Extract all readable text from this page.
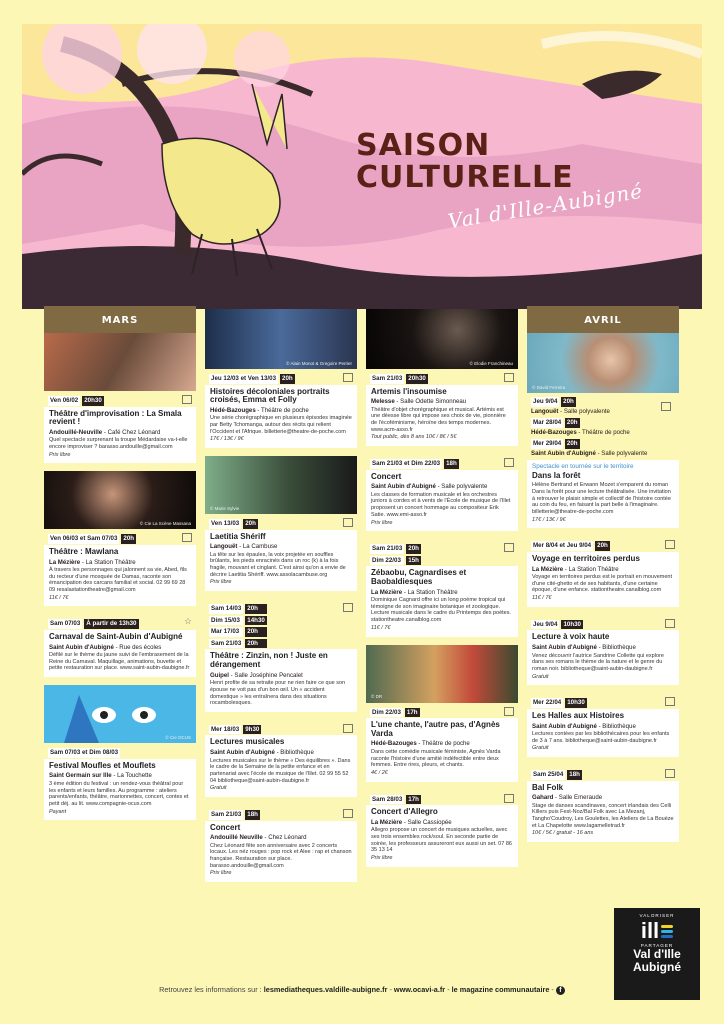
SAISON
CULTURELLE
Val d'Ille-Aubigné
MARS	AVRIL
Ven 06/02 20h30
Théâtre d'improvisation : La Smala revient !
Andouillé-Neuville - Café Chez Léonard
Quel spectacle surprenant la troupe Médardaise va-t-elle encore improviser ? barasso.andouille@gmail.com
Prix libre
© Cie La Scène Massana
Ven 06/03 et Sam 07/03 20h
Théâtre : Mawlana
La Mézière - La Station Théâtre
À travers les personnages qui jalonnent sa vie, Abed, fils du recteur d'une mosquée de Damas, raconte son émancipation des carcans familial et social. 02 99 69 28 09 resalastationtheatre@gmail.com
11€ / 7€
Sam 07/03 À partir de 13h30	☆
Carnaval de Saint-Aubin d'Aubigné
Saint Aubin d'Aubigné - Rue des écoles
Défilé sur le thème du jaune suivi de l'embrasement de la Reine du Carnaval. Maquillage, animations, buvette et petite restauration sur place. www.saint-aubin-daubigne.fr
© Cie OCUS
Sam 07/03 et Dim 08/03
Festival Moufles et Mouflets
Saint Germain sur Ille - La Touchette
3 ème édition du festival : un rendez-vous théâtral pour les enfants et leurs familles. Au programme : ateliers parents/enfants, théâtre, marionnettes, concert, contes et petit déj. au lit. www.compagnie-ocus.com
Payant
© Alain Monot & Gregoire Perrier
Jeu 12/03 et Ven 13/03 20h
Histoires décoloniales portraits croisés, Emma et Folly
Hédé-Bazouges - Théâtre de poche
Une série chorégraphique en plusieurs épisodes imaginée par Betty Tchomanga, autour des récits qui relient l'Occident et l'Afrique. billetterie@theatre-de-poche.com
17€ / 13€ / 9€
© Marie Sylvie
Ven 13/03 20h
Laetitia Shériff
Langouët - La Cambuse
La tête sur les épaules, la voix projetée en souffles brûlants, les pieds enracinés dans un roc (k) à la fois fragile, mouvant et cinglant. C'est ainsi qu'on a envie de décrire Laetitia Shériff. www.assolacambuse.org
Prix libre
Sam 14/03 20h
Dim 15/03	14h30
Mar 17/03	20h
Sam 21/03 20h
Théâtre : Zinzin, non ! Juste en dérangement
Guipel - Salle Joséphine Pencalet
Henri profite de sa retraite pour ne rien faire ce que son épouse ne voit pas d'un bon œil. Un « accident domestique » les entraînera dans des situations rocambolesques.
Mer 18/03 9h30
Lectures musicales
Saint Aubin d'Aubigné - Bibliothèque
Lectures musicales sur le thème « Des équilibres ». Dans le cadre de la Semaine de la petite enfance et en partenariat avec l'école de musique de l'Illet. 02 99 55 52 04 bibliotheque@saint-aubin-daubigne.fr
Gratuit
Sam 21/03 18h
Concert
Andouillé Neuville - Chez Léonard
Chez Léonard fête son anniversaire avec 2 concerts locaux. Les néz rouges : pop rock et Alee : rap et chanson française. Restauration sur place. barasso.andouille@gmail.com
Prix libre
© Elodie Franchineau
Sam 21/03 20h30
Artemis l'insoumise
Melesse - Salle Odette Simonneau
Théâtre d'objet chorégraphique et musical. Artémis est une déesse libre qui impose ses choix de vie, pionnière de l'écoféminisme, héroïne des temps modernes. www.acm-asso.fr
Tout public, dès 8 ans 10€ / 8€ / 5€
Sam 21/03 et Dim 22/03 18h
Concert
Saint Aubin d'Aubigné - Salle polyvalente
Les classes de formation musicale et les orchestres juniors à cordes et à vents de l'École de musique de l'Illet proposent un concert hommage au compositeur Erik Satie. www.emi-asso.fr
Prix libre
Sam 21/03 20h
Dim 22/03	15h
Zébaobu, Cagnardises et Baobaldiesques
La Mézière - La Station Théâtre
Dominique Cagnard offre ici un long poème tropical qui témoigne de son imaginaire botanique et zoologique. Lecture musicale dans le cadre du Printemps des poètes. stationtheatre.canalblog.com
11€ / 7€
© DR
Dim 22/03 17h
L'une chante, l'autre pas, d'Agnès Varda
Hédé-Bazouges - Théâtre de poche
Dans cette comédie musicale féministe, Agnès Varda raconte l'histoire d'une amitié indéfectible entre deux femmes. Entre rires, pleurs, et chants.
4€ / 2€
Sam 28/03 17h
Concert d'Allegro
La Mézière - Salle Cassiopée
Allegro propose un concert de musiques actuelles, avec ses trois ensembles rock/soul. En seconde partie de soirée, les professeurs assureront eux aussi un set. 07 86 35 13 14
Prix libre
© David Ferreira
Jeu 9/04 20h
Langouët - Salle polyvalente
Mar 28/04 20h
Hédé-Bazouges - Théâtre de poche
Mer 29/04 20h
Saint Aubin d'Aubigné - Salle polyvalente
Spectacle en tournée sur le territoire
Dans la forêt
Hélène Bertrand et Erwann Mozet s'emparent du roman Dans la forêt pour une lecture théâtralisée. Une invitation à retrouver le plaisir simple et collectif de l'histoire contée au coin du feu, en faisant la part belle à l'imaginaire. billetterie@theatre-de-poche.com
17€ / 13€ / 9€
Mer 8/04 et Jeu 9/04 20h
Voyage en territoires perdus
La Mézière - La Station Théâtre
Voyage en territoires perdus est le portrait en mouvement d'une cité-ghetto et de ses habitants, d'une certaine époque, d'une enfance. stationtheatre.canalblog.com
11€ / 7€
Jeu 9/04 10h30
Lecture à voix haute
Saint Aubin d'Aubigné - Bibliothèque
Venez découvrir l'autrice Sandrine Collette qui explore dans ses romans le thème de la nature et le genre du roman noir. bibliotheque@saint-aubin-daubigne.fr
Gratuit
Mer 22/04 10h30
Les Halles aux Histoires
Saint Aubin d'Aubigné - Bibliothèque
Lectures contées par les bibliothécaires pour les enfants de 3 à 7 ans. bibliotheque@saint-aubin-daubigne.fr
Gratuit
Sam 25/04 18h
Bal Folk
Gahard - Salle Emeraude
Stage de danses scandinaves, concert irlandais des Celli Killers puis Fest-Noz/Bal Folk avec La Mezanj, Tangho'Coudroy, Les Goulettes, les Ateliers de La Bouèze et La Chapelotte www.lagamelletrad.fr
10€ / 5€ / gratuit - 16 ans
VALORISER
ill
PARTAGER
Val d'Ille
Aubigné
Retrouvez les informations sur : lesmediatheques.valdille-aubigne.fr - www.ocavi-a.fr - le magazine communautaire - f
